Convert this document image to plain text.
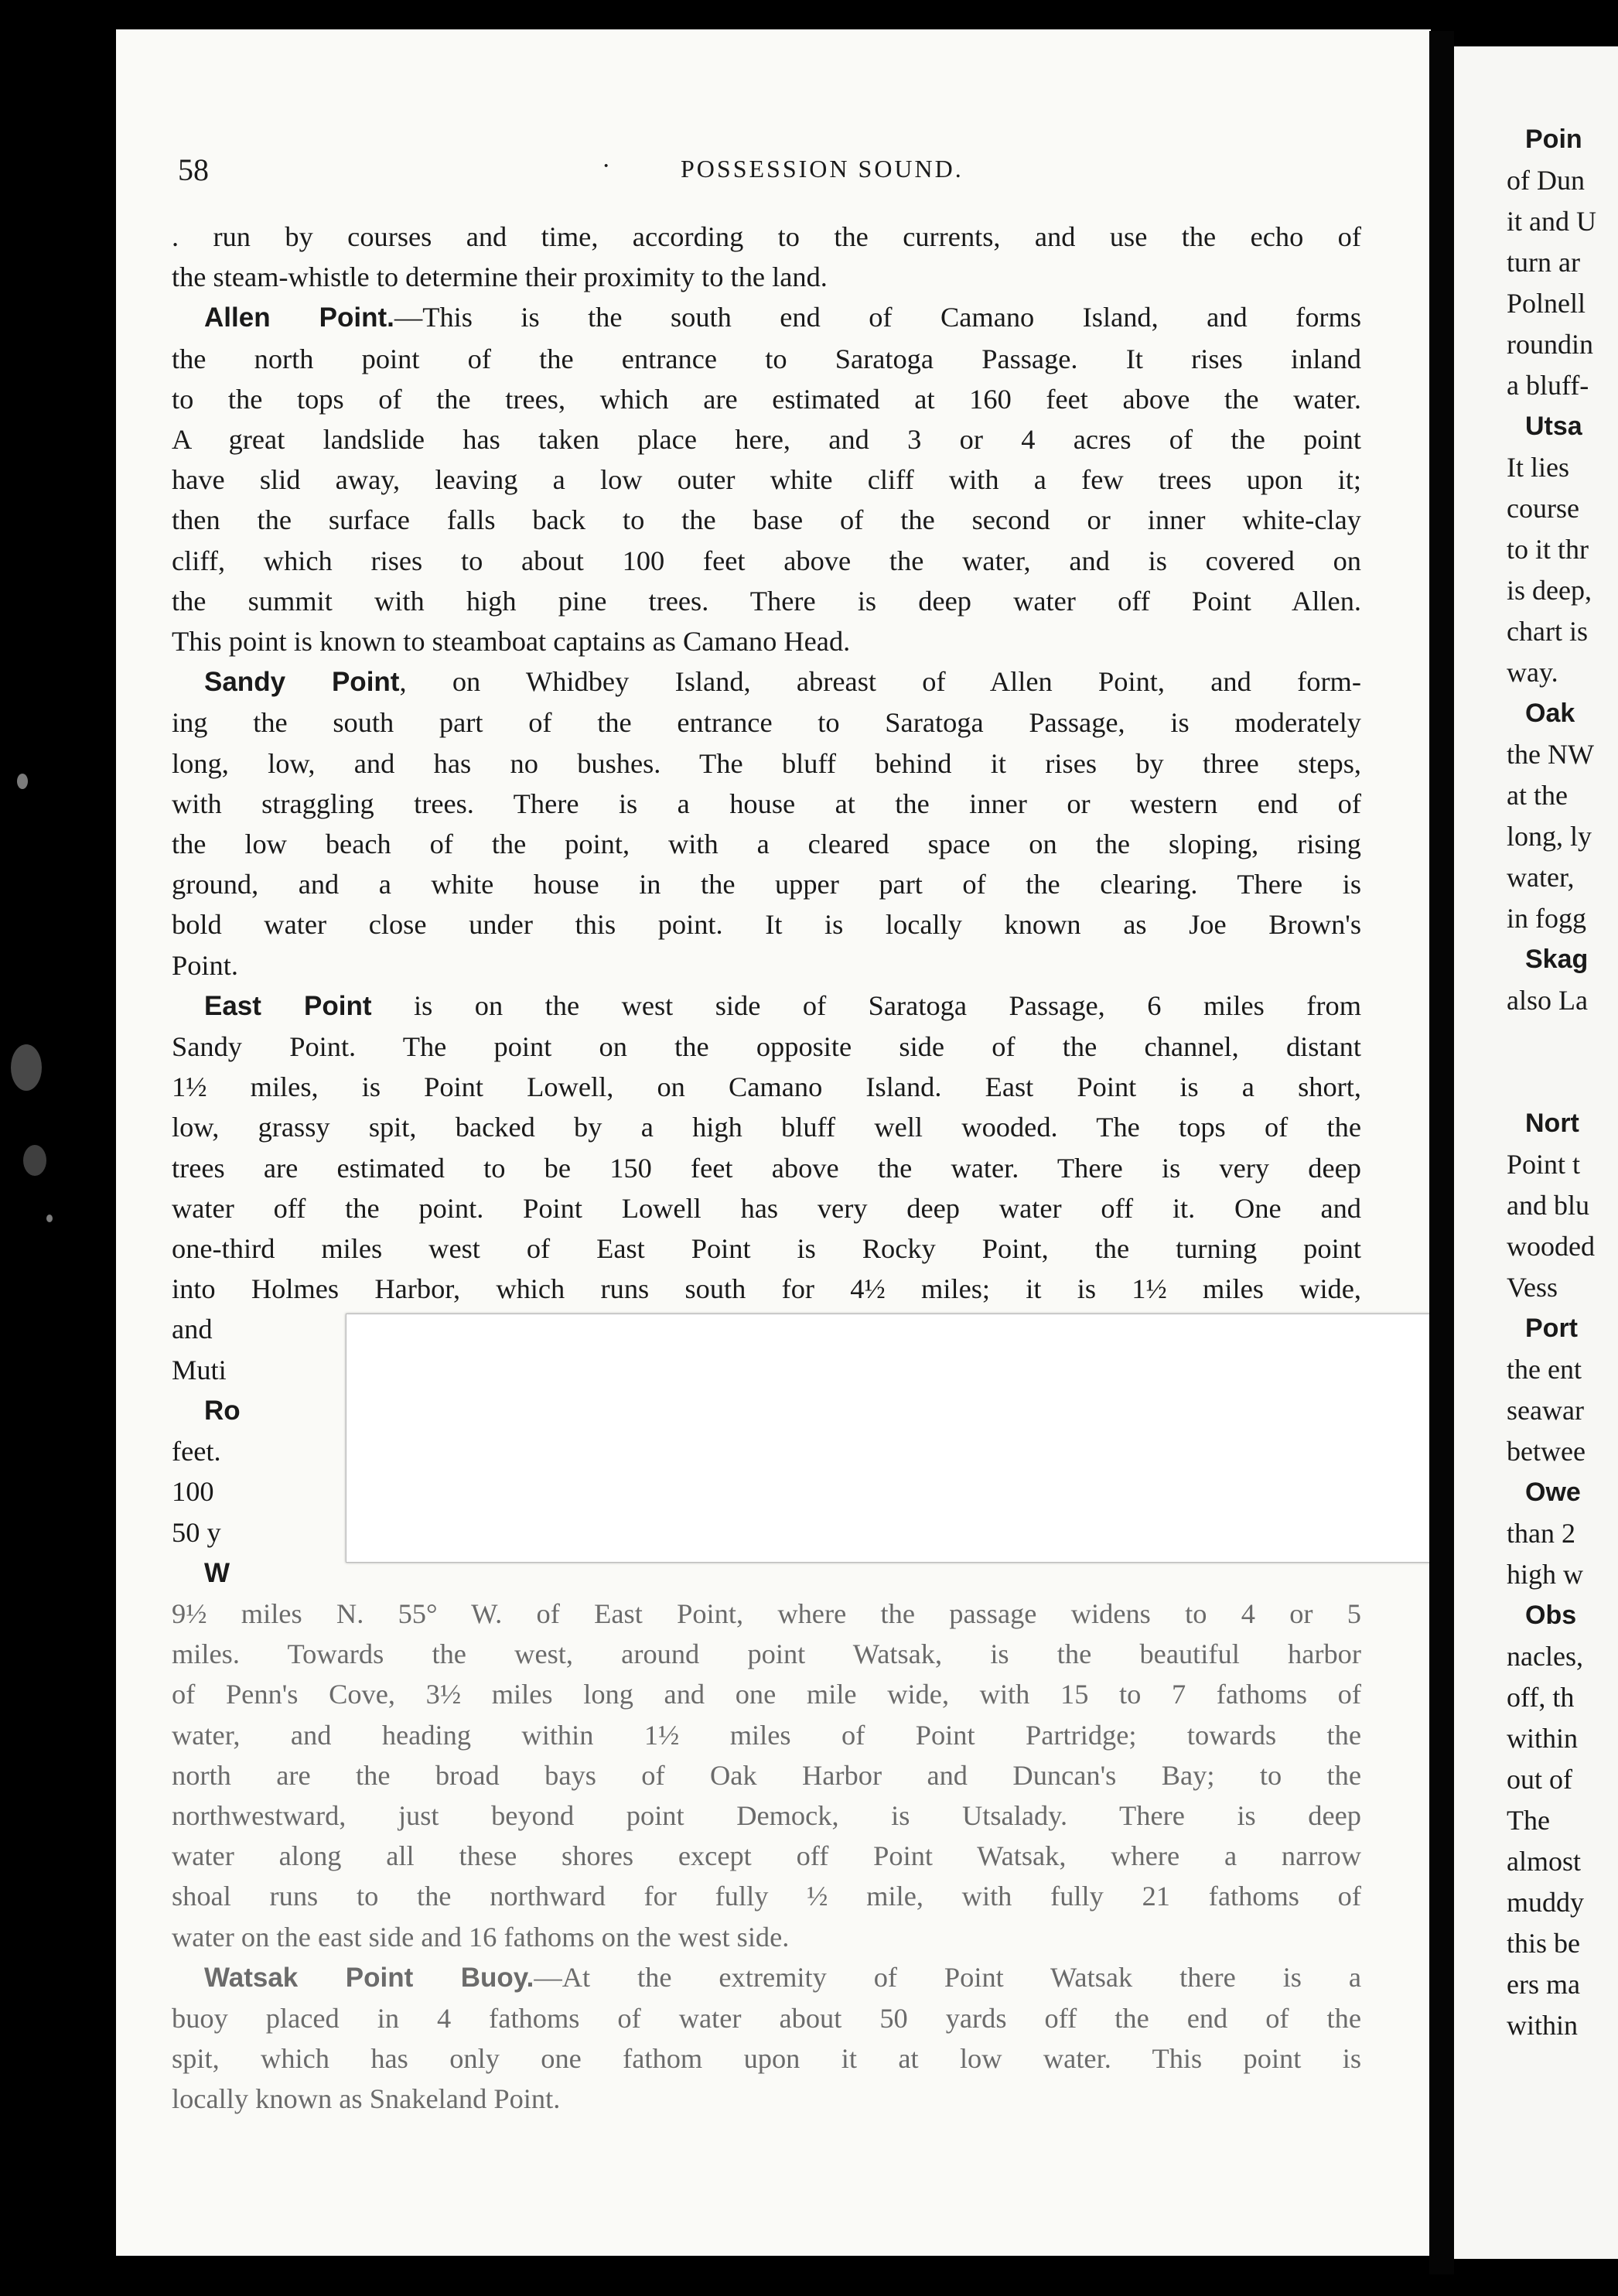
58	·	POSSESSION SOUND.
. run by courses and time, according to the currents, and use the echo of
the steam-whistle to determine their proximity to the land.
Allen Point.—This is the south end of Camano Island, and forms
the north point of the entrance to Saratoga Passage. It rises inland
to the tops of the trees, which are estimated at 160 feet above the water.
A great landslide has taken place here, and 3 or 4 acres of the point
have slid away, leaving a low outer white cliff with a few trees upon it;
then the surface falls back to the base of the second or inner white-clay
cliff, which rises to about 100 feet above the water, and is covered on
the summit with high pine trees. There is deep water off Point Allen.
This point is known to steamboat captains as Camano Head.
Sandy Point, on Whidbey Island, abreast of Allen Point, and form-
ing the south part of the entrance to Saratoga Passage, is moderately
long, low, and has no bushes. The bluff behind it rises by three steps,
with straggling trees. There is a house at the inner or western end of
the low beach of the point, with a cleared space on the sloping, rising
ground, and a white house in the upper part of the clearing. There is
bold water close under this point. It is locally known as Joe Brown's
Point.
East Point is on the west side of Saratoga Passage, 6 miles from
Sandy Point. The point on the opposite side of the channel, distant
1½ miles, is Point Lowell, on Camano Island. East Point is a short,
low, grassy spit, backed by a high bluff well wooded. The tops of the
trees are estimated to be 150 feet above the water. There is very deep
water off the point. Point Lowell has very deep water off it. One and
one-third miles west of East Point is Rocky Point, the turning point
into Holmes Harbor, which runs south for 4½ miles; it is 1½ miles wide,
and
Muti
Ro
feet.
100
50 y
W
9½ miles N. 55° W. of East Point, where the passage widens to 4 or 5
miles. Towards the west, around point Watsak, is the beautiful harbor
of Penn's Cove, 3½ miles long and one mile wide, with 15 to 7 fathoms of
water, and heading within 1½ miles of Point Partridge; towards the
north are the broad bays of Oak Harbor and Duncan's Bay; to the
northwestward, just beyond point Demock, is Utsalady. There is deep
water along all these shores except off Point Watsak, where a narrow
shoal runs to the northward for fully ½ mile, with fully 21 fathoms of
water on the east side and 16 fathoms on the west side.
Watsak Point Buoy.—At the extremity of Point Watsak there is a
buoy placed in 4 fathoms of water about 50 yards off the end of the
spit, which has only one fathom upon it at low water. This point is
locally known as Snakeland Point.
Poin
of Dun
it and U
turn ar
Polnell
roundin
a bluff-
Utsa
It lies
course
to it thr
is deep,
chart is
way.
Oak
the NW
at the
long, ly
water,
in fogg
Skag
also La
Nort
Point t
and blu
wooded
Vess
Port
the ent
seawar
betwee
Owe
than 2
high w
Obs
nacles,
off, th
within
out of
The
almost
muddy
this be
ers ma
within
